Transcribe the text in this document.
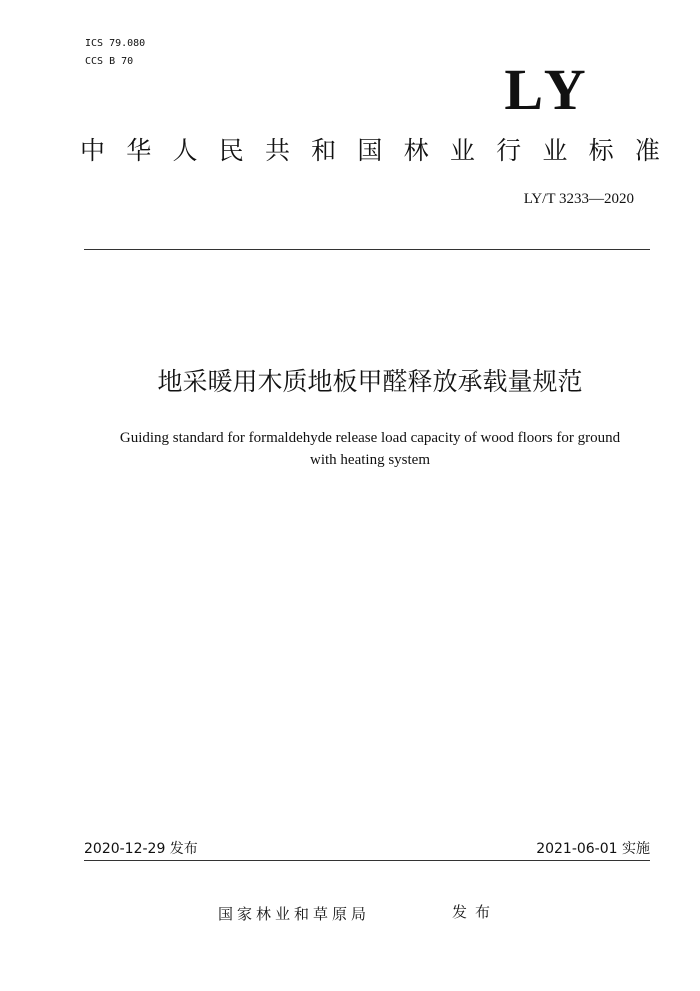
ICS 79.080
CCS B 70	LY
中 华 人 民 共 和 国 林 业 行 业 标 准
LY/T 3233—2020
地采暖用木质地板甲醛释放承载量规范
Guiding standard for formaldehyde release load capacity of wood floors for ground
with heating system
2020-12-29 发布	2021-06-01 实施
国家林业和草原局	发布
